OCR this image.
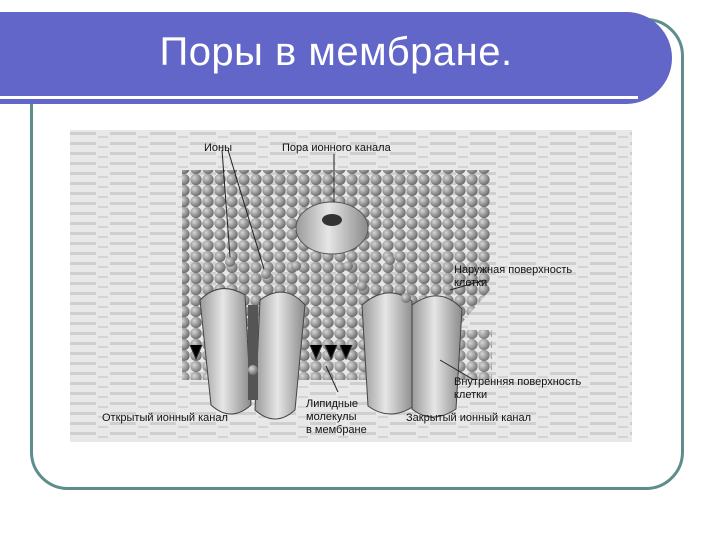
Поры в мембране.
Ионы	Пора ионного канала
Наружная поверхность
клетки
Внутренняя поверхность
клетки
Открытый ионный канал
Липидные
молекулы
в мембране
Закрытый ионный канал
